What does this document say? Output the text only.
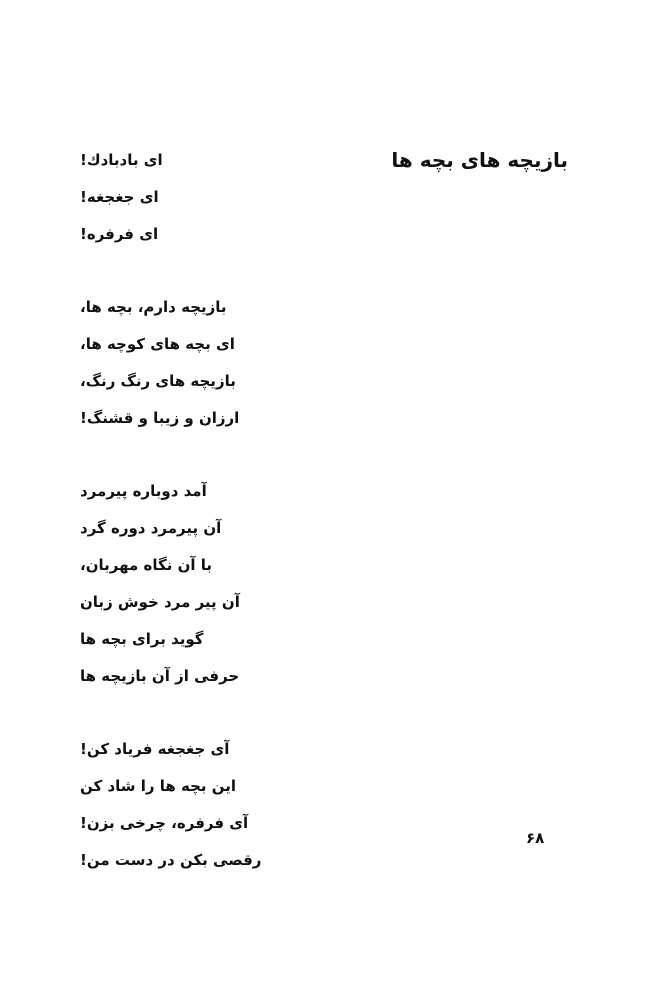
بازیچه های بچه ها
ای بادبادك!
ای جغجغه!
ای فرفره!
بازیچه دارم، بچه ها،
ای بچه های کوچه ها،
بازیچه های رنگ رنگ،
ارزان و زیبا و قشنگ!
آمد دوباره پیرمرد
آن پیرمرد دوره گرد
با آن نگاه مهربان،
آن پیر مرد خوش زبان
گوید برای بچه ها
حرفی از آن بازیچه ها
آی جغجغه فریاد کن!
این بچه ها را شاد کن
آی فرفره، چرخی بزن!
رقصی بکن در دست من!
۶۸
